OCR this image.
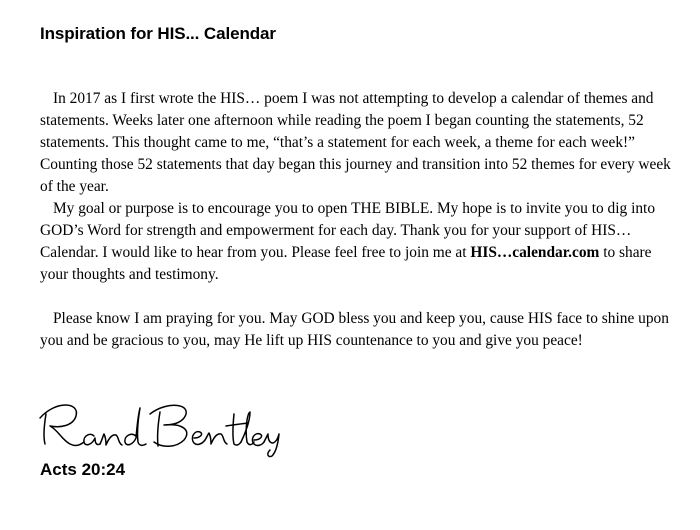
Inspiration for HIS... Calendar

In 2017 as I first wrote the HIS… poem I was not attempting to develop a calendar of themes and statements. Weeks later one afternoon while reading the poem I began counting the statements, 52 statements. This thought came to me, “that’s a statement for each week, a theme for each week!” Counting those 52 statements that day began this journey and transition into 52 themes for every week of the year.

My goal or purpose is to encourage you to open THE BIBLE. My hope is to invite you to dig into GOD’s Word for strength and empowerment for each day. Thank you for your support of HIS… Calendar. I would like to hear from you. Please feel free to join me at HIS…calendar.com to share your thoughts and testimony.

Please know I am praying for you. May GOD bless you and keep you, cause HIS face to shine upon you and be gracious to you, may He lift up HIS countenance to you and give you peace!

Acts 20:24
